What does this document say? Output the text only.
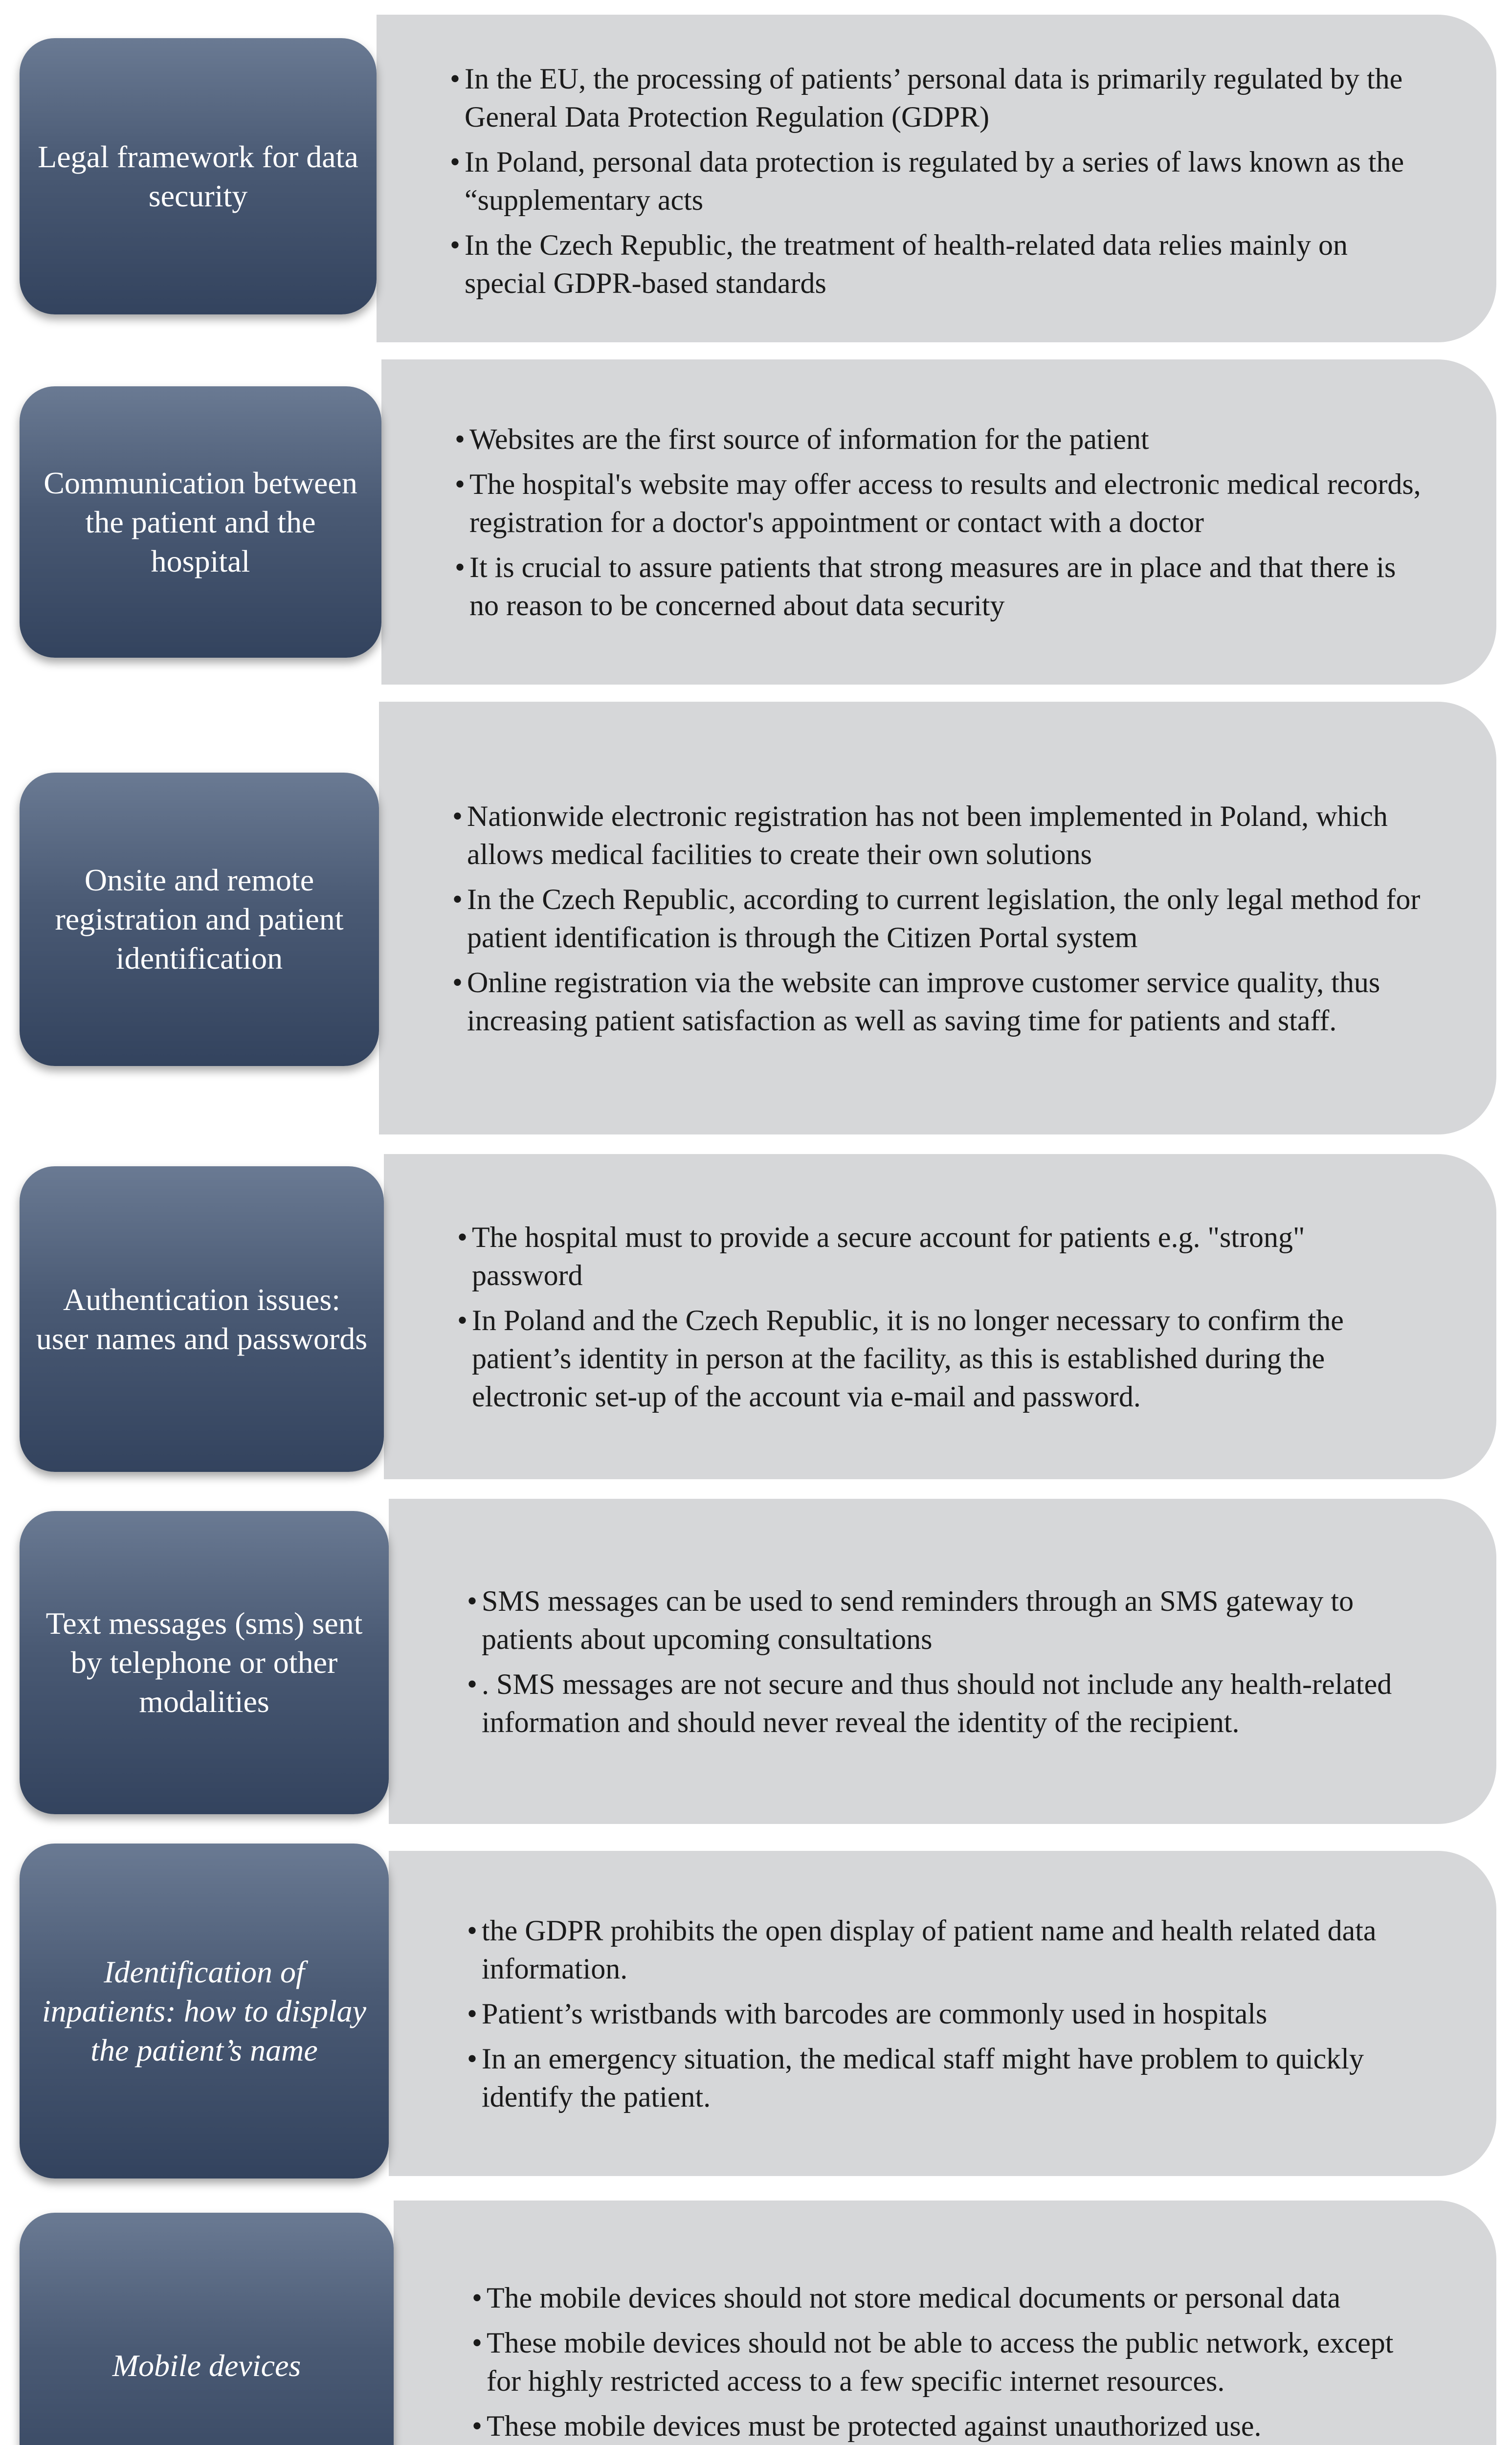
• In the EU, the processing of patients’ personal data is primarily regulated by the General Data Protection Regulation (GDPR)
• In Poland, personal data protection is regulated by a series of laws known as the “supplementary acts
• In the Czech Republic, the treatment of health-related data relies mainly on special GDPR-based standards
Legal framework for data security
• Websites are the first source of information for the patient
• The hospital's website may offer access to results and electronic medical records, registration for a doctor's appointment or contact with a doctor
• It is crucial to assure patients that strong measures are in place and that there is no reason to be concerned about data security
Communication between the patient and the hospital
• Nationwide electronic registration has not been implemented in Poland, which allows medical facilities to create their own solutions
• In the Czech Republic, according to current legislation, the only legal method for patient identification is through the Citizen Portal system
• Online registration via the website can improve customer service quality, thus increasing patient satisfaction as well as saving time for patients and staff.
Onsite and remote registration and patient identification
• The hospital must to provide a secure account for patients e.g. "strong" password
• In Poland and the Czech Republic, it is no longer necessary to confirm the patient’s identity in person at the facility, as this is established during the electronic set-up of the account via e-mail and password.
Authentication issues: user names and passwords
• SMS messages can be used to send reminders through an SMS gateway to patients about upcoming consultations
• . SMS messages are not secure and thus should not include any health-related information and should never reveal the identity of the recipient.
Text messages (sms) sent by telephone or other modalities
• the GDPR prohibits the open display of patient name and health related data information.
• Patient’s wristbands with barcodes are commonly used in hospitals
• In an emergency situation, the medical staff might have problem to quickly identify the patient.
Identification of inpatients: how to display the patient’s name
• The mobile devices should not store medical documents or personal data
• These mobile devices should not be able to access the public network, except for highly restricted access to a few specific internet resources.
• These mobile devices must be protected against unauthorized use.
Mobile devices
